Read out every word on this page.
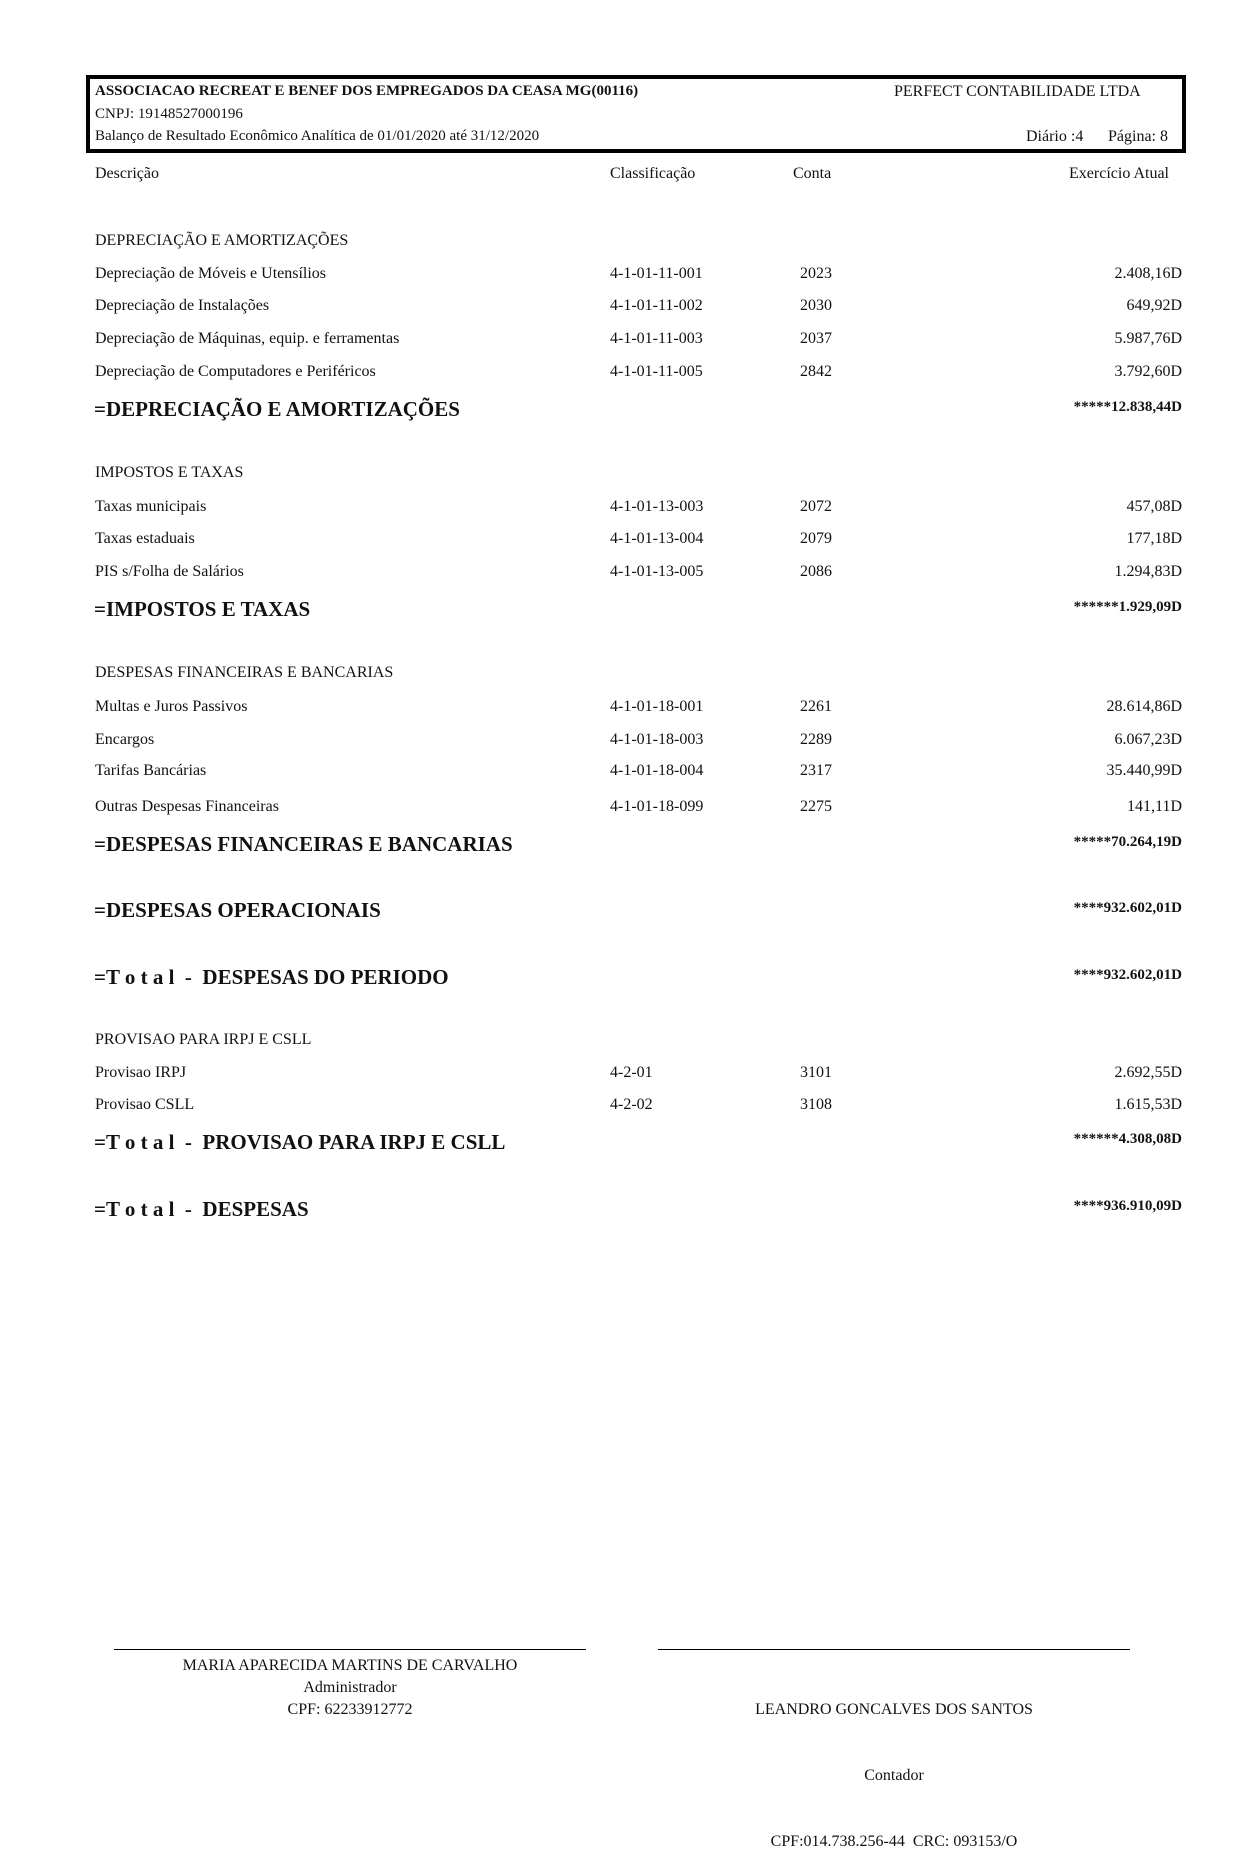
ASSOCIACAO RECREAT E BENEF DOS EMPREGADOS DA CEASA MG(00116)	PERFECT CONTABILIDADE LTDA
CNPJ: 19148527000196
Balanço de Resultado Econômico Analítica de 01/01/2020 até 31/12/2020	Diário :4 Página: 8
Descrição	Classificação	Conta	Exercício Atual
DEPRECIAÇÃO E AMORTIZAÇÕES
Depreciação de Móveis e Utensílios	4-1-01-11-001	2023	2.408,16D
Depreciação de Instalações	4-1-01-11-002	2030	649,92D
Depreciação de Máquinas, equip. e ferramentas	4-1-01-11-003	2037	5.987,76D
Depreciação de Computadores e Periféricos	4-1-01-11-005	2842	3.792,60D
=DEPRECIAÇÃO E AMORTIZAÇÕES	*****12.838,44D
IMPOSTOS E TAXAS
Taxas municipais	4-1-01-13-003	2072	457,08D
Taxas estaduais	4-1-01-13-004	2079	177,18D
PIS s/Folha de Salários	4-1-01-13-005	2086	1.294,83D
=IMPOSTOS E TAXAS	******1.929,09D
DESPESAS FINANCEIRAS E BANCARIAS
Multas e Juros Passivos	4-1-01-18-001	2261	28.614,86D
Encargos	4-1-01-18-003	2289	6.067,23D
Tarifas Bancárias	4-1-01-18-004	2317	35.440,99D
Outras Despesas Financeiras	4-1-01-18-099	2275	141,11D
=DESPESAS FINANCEIRAS E BANCARIAS	*****70.264,19D
=DESPESAS OPERACIONAIS	****932.602,01D
=T o t a l  -  DESPESAS DO PERIODO	****932.602,01D
PROVISAO PARA IRPJ E CSLL
Provisao IRPJ	4-2-01	3101	2.692,55D
Provisao CSLL	4-2-02	3108	1.615,53D
=T o t a l  -  PROVISAO PARA IRPJ E CSLL	******4.308,08D
=T o t a l  -  DESPESAS	****936.910,09D
MARIA APARECIDA MARTINS DE CARVALHO
Administrador
CPF: 62233912772

	LEANDRO GONCALVES DOS SANTOS

Contador

CPF:014.738.256-44  CRC: 093153/O
